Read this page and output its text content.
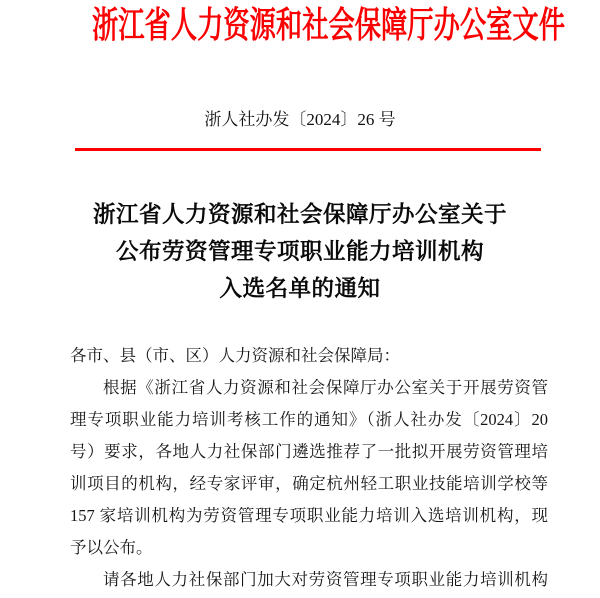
浙江省人力资源和社会保障厅办公室文件
浙人社办发〔2024〕26 号
浙江省人力资源和社会保障厅办公室关于
公布劳资管理专项职业能力培训机构
入选名单的通知
各市、县（市、区）人力资源和社会保障局：
根据《浙江省人力资源和社会保障厅办公室关于开展劳资管
理专项职业能力培训考核工作的通知》（浙人社办发〔2024〕20
号）要求，各地人力社保部门遴选推荐了一批拟开展劳资管理培
训项目的机构，经专家评审，确定杭州轻工职业技能培训学校等
157 家培训机构为劳资管理专项职业能力培训入选培训机构，现
予以公布。
请各地人力社保部门加大对劳资管理专项职业能力培训机构
